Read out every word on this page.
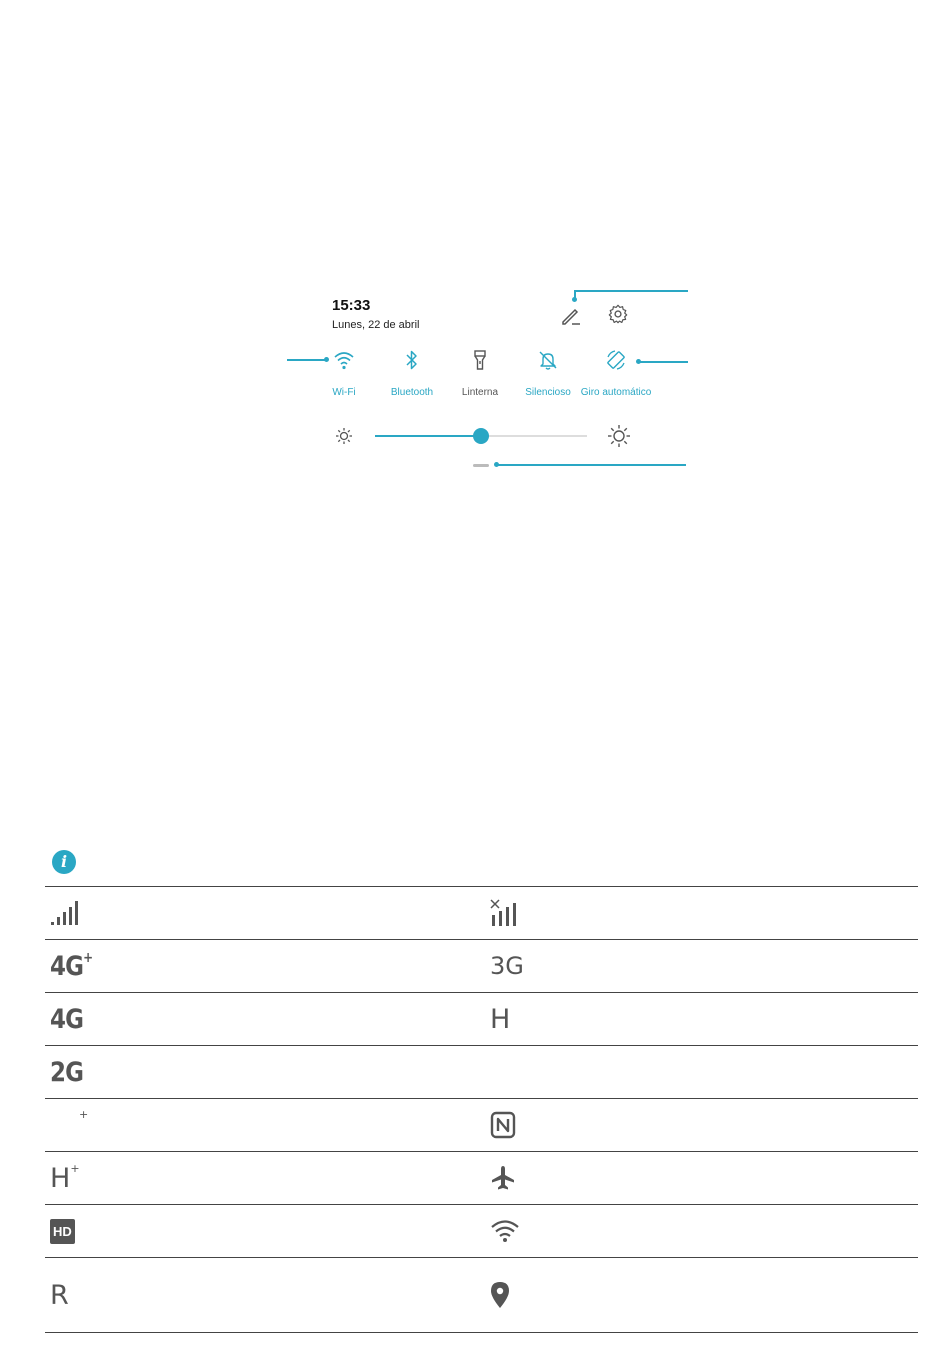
15:33
Lunes, 22 de abril
Wi-Fi	Bluetooth	Linterna	Silencioso Giro automático
i
4G+	3G
4G	H
2G
+
H+
HD
R
